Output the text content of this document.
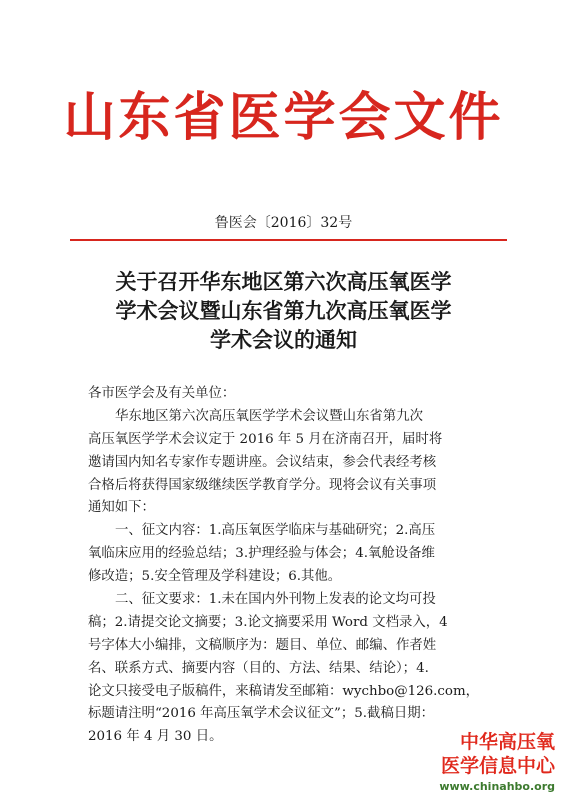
山东省医学会文件
鲁医会〔2016〕32号
关于召开华东地区第六次高压氧医学
学术会议暨山东省第九次高压氧医学
学术会议的通知
各市医学会及有关单位：
华东地区第六次高压氧医学学术会议暨山东省第九次
高压氧医学学术会议定于 2016 年 5 月在济南召开，届时将
邀请国内知名专家作专题讲座。会议结束，参会代表经考核
合格后将获得国家级继续医学教育学分。现将会议有关事项
通知如下：
一、征文内容：1.高压氧医学临床与基础研究；2.高压
氧临床应用的经验总结；3.护理经验与体会；4.氧舱设备维
修改造；5.安全管理及学科建设；6.其他。
二、征文要求：1.未在国内外刊物上发表的论文均可投
稿；2.请提交论文摘要；3.论文摘要采用 Word 文档录入，4
号字体大小编排，文稿顺序为：题目、单位、邮编、作者姓
名、联系方式、摘要内容（目的、方法、结果、结论）；4.
论文只接受电子版稿件，来稿请发至邮箱：wychbo@126.com，
标题请注明“2016 年高压氧学术会议征文”；5.截稿日期：
2016 年 4 月 30 日。	中华高压氧
医学信息中心
www.chinahbo.org
